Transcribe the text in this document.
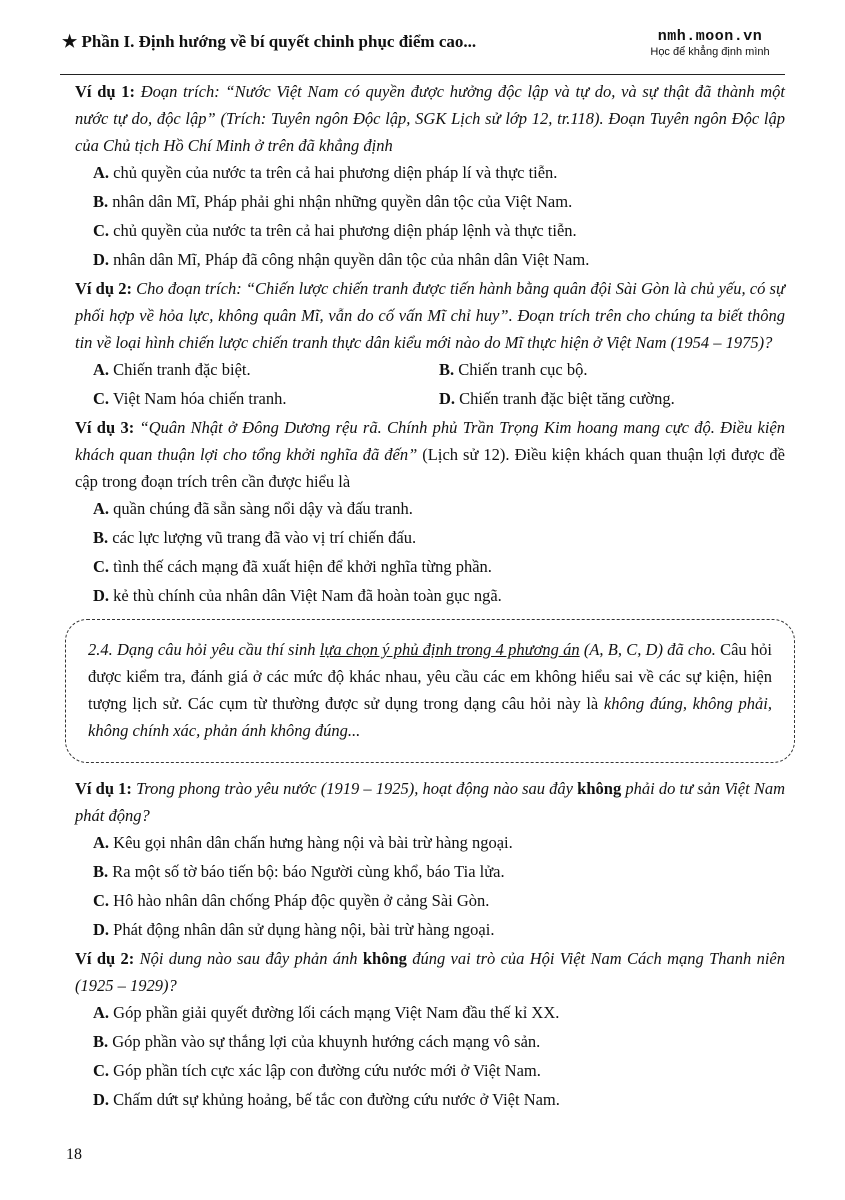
★ Phần I. Định hướng về bí quyết chinh phục điểm cao...	nmh.moon.vn
Học để khẳng định mình

Ví dụ 1: Đoạn trích: “Nước Việt Nam có quyền được hưởng độc lập và tự do, và sự thật đã thành một nước tự do, độc lập” (Trích: Tuyên ngôn Độc lập, SGK Lịch sử lớp 12, tr.118). Đoạn Tuyên ngôn Độc lập của Chủ tịch Hồ Chí Minh ở trên đã khẳng định

A. chủ quyền của nước ta trên cả hai phương diện pháp lí và thực tiễn.

B. nhân dân Mĩ, Pháp phải ghi nhận những quyền dân tộc của Việt Nam.

C. chủ quyền của nước ta trên cả hai phương diện pháp lệnh và thực tiễn.

D. nhân dân Mĩ, Pháp đã công nhận quyền dân tộc của nhân dân Việt Nam.

Ví dụ 2: Cho đoạn trích: “Chiến lược chiến tranh được tiến hành bằng quân đội Sài Gòn là chủ yếu, có sự phối hợp về hỏa lực, không quân Mĩ, vẫn do cố vấn Mĩ chỉ huy”. Đoạn trích trên cho chúng ta biết thông tin về loại hình chiến lược chiến tranh thực dân kiểu mới nào do Mĩ thực hiện ở Việt Nam (1954 – 1975)?

A. Chiến tranh đặc biệt.	B. Chiến tranh cục bộ.
C. Việt Nam hóa chiến tranh.	D. Chiến tranh đặc biệt tăng cường.

Ví dụ 3: “Quân Nhật ở Đông Dương rệu rã. Chính phủ Trần Trọng Kim hoang mang cực độ. Điều kiện khách quan thuận lợi cho tổng khởi nghĩa đã đến” (Lịch sử 12). Điều kiện khách quan thuận lợi được đề cập trong đoạn trích trên cần được hiểu là

A. quần chúng đã sẵn sàng nổi dậy và đấu tranh.

B. các lực lượng vũ trang đã vào vị trí chiến đấu.

C. tình thế cách mạng đã xuất hiện để khởi nghĩa từng phần.

D. kẻ thù chính của nhân dân Việt Nam đã hoàn toàn gục ngã.

2.4. Dạng câu hỏi yêu cầu thí sinh lựa chọn ý phủ định trong 4 phương án (A, B, C, D) đã cho. Câu hỏi được kiểm tra, đánh giá ở các mức độ khác nhau, yêu cầu các em không hiểu sai về các sự kiện, hiện tượng lịch sử. Các cụm từ thường được sử dụng trong dạng câu hỏi này là không đúng, không phải, không chính xác, phản ánh không đúng...

Ví dụ 1: Trong phong trào yêu nước (1919 – 1925), hoạt động nào sau đây không phải do tư sản Việt Nam phát động?

A. Kêu gọi nhân dân chấn hưng hàng nội và bài trừ hàng ngoại.

B. Ra một số tờ báo tiến bộ: báo Người cùng khổ, báo Tia lửa.

C. Hô hào nhân dân chống Pháp độc quyền ở cảng Sài Gòn.

D. Phát động nhân dân sử dụng hàng nội, bài trừ hàng ngoại.

Ví dụ 2: Nội dung nào sau đây phản ánh không đúng vai trò của Hội Việt Nam Cách mạng Thanh niên (1925 – 1929)?

A. Góp phần giải quyết đường lối cách mạng Việt Nam đầu thế kỉ XX.

B. Góp phần vào sự thắng lợi của khuynh hướng cách mạng vô sản.

C. Góp phần tích cực xác lập con đường cứu nước mới ở Việt Nam.

D. Chấm dứt sự khủng hoảng, bế tắc con đường cứu nước ở Việt Nam.

18
